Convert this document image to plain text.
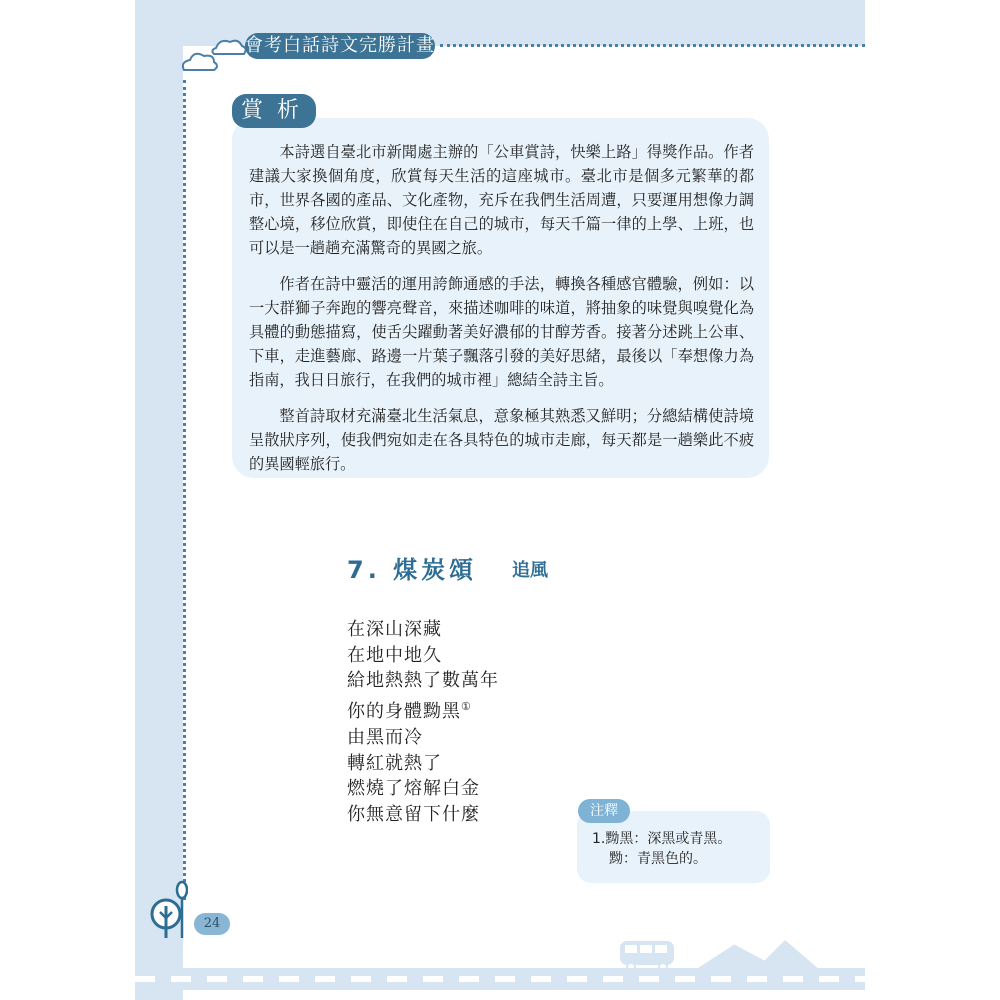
會考白話詩文完勝計畫
賞析

本詩選自臺北市新聞處主辦的「公車賞詩，快樂上路」得獎作品。作者建議大家換個角度，欣賞每天生活的這座城市。臺北市是個多元繁華的都市，世界各國的產品、文化產物，充斥在我們生活周遭，只要運用想像力調整心境，移位欣賞，即使住在自己的城市，每天千篇一律的上學、上班，也可以是一趟趟充滿驚奇的異國之旅。

作者在詩中靈活的運用誇飾通感的手法，轉換各種感官體驗，例如：以一大群獅子奔跑的響亮聲音，來描述咖啡的味道，將抽象的味覺與嗅覺化為具體的動態描寫，使舌尖躍動著美好濃郁的甘醇芳香。接著分述跳上公車、下車，走進藝廊、路邊一片葉子飄落引發的美好思緒，最後以「奉想像力為指南，我日日旅行，在我們的城市裡」總結全詩主旨。

整首詩取材充滿臺北生活氣息，意象極其熟悉又鮮明；分總結構使詩境呈散狀序列，使我們宛如走在各具特色的城市走廊，每天都是一趟樂此不疲的異國輕旅行。

7. 煤炭頌 追風
在深山深藏
在地中地久
給地熱熱了數萬年
你的身體黝黑①
由黑而冷
轉紅就熱了
燃燒了熔解白金
你無意留下什麼	注釋
1.黝黑：深黑或青黑。
黝：青黑色的。
24
